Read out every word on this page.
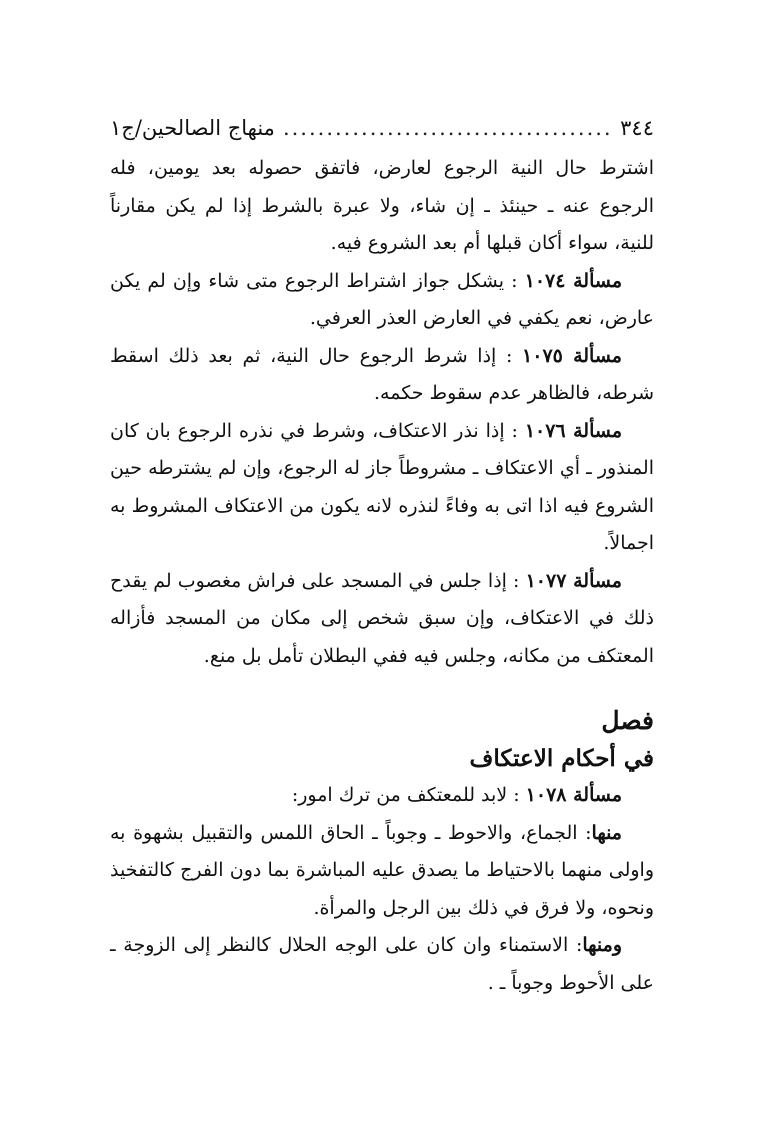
٣٤٤
......................................
منهاج الصالحين/ج١

اشترط حال النية الرجوع لعارض، فاتفق حصوله بعد يومين، فله الرجوع عنه ـ حينئذ ـ إن شاء، ولا عبرة بالشرط إذا لم يكن مقارناً للنية، سواء أكان قبلها أم بعد الشروع فيه.

مسألة ١٠٧٤ : يشكل جواز اشتراط الرجوع متى شاء وإن لم يكن عارض، نعم يكفي في العارض العذر العرفي.

مسألة ١٠٧٥ : إذا شرط الرجوع حال النية، ثم بعد ذلك اسقط شرطه، فالظاهر عدم سقوط حكمه.

مسألة ١٠٧٦ : إذا نذر الاعتكاف، وشرط في نذره الرجوع بان كان المنذور ـ أي الاعتكاف ـ مشروطاً جاز له الرجوع، وإن لم يشترطه حين الشروع فيه اذا اتى به وفاءً لنذره لانه يكون من الاعتكاف المشروط به اجمالاً.

مسألة ١٠٧٧ : إذا جلس في المسجد على فراش مغصوب لم يقدح ذلك في الاعتكاف، وإن سبق شخص إلى مكان من المسجد فأزاله المعتكف من مكانه، وجلس فيه ففي البطلان تأمل بل منع.

فصل

في أحكام الاعتكاف

مسألة ١٠٧٨ : لابد للمعتكف من ترك امور:

منها: الجماع، والاحوط ـ وجوباً ـ الحاق اللمس والتقبيل بشهوة به واولى منهما بالاحتياط ما يصدق عليه المباشرة بما دون الفرج كالتفخيذ ونحوه، ولا فرق في ذلك بين الرجل والمرأة.

ومنها: الاستمناء وان كان على الوجه الحلال كالنظر إلى الزوجة ـ على الأحوط وجوباً ـ .
